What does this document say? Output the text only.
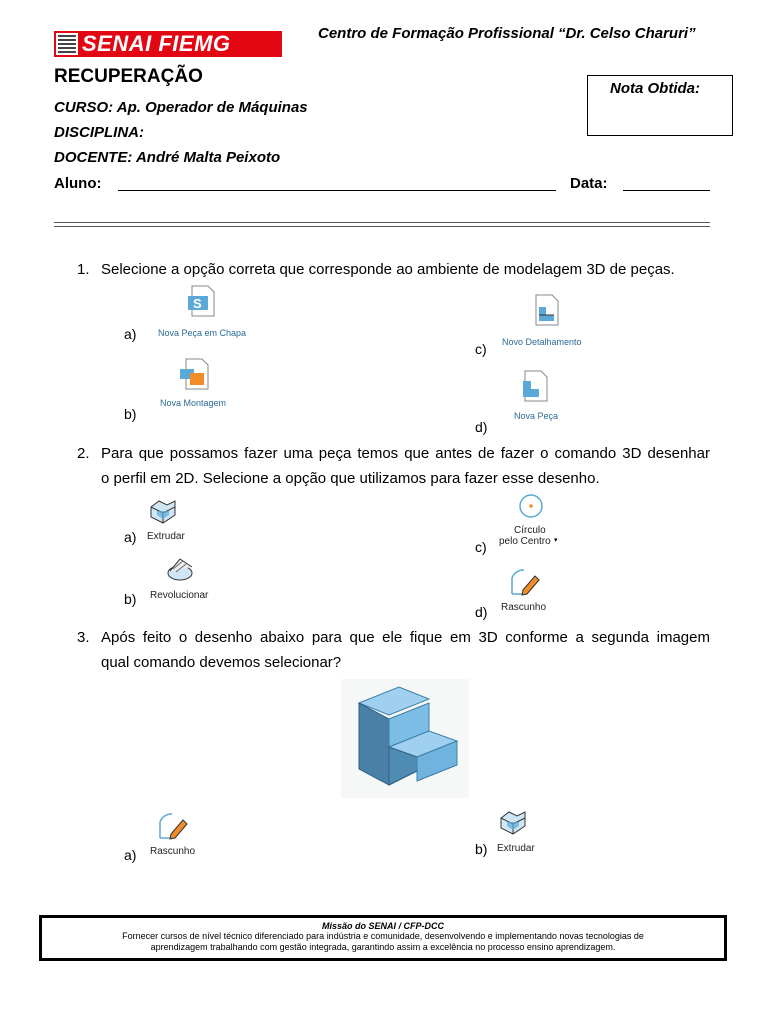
SENAI FIEMG	Centro de Formação Profissional “Dr. Celso Charuri”
RECUPERAÇÃO
CURSO: Ap. Operador de Máquinas
DISCIPLINA:
DOCENTE: André Malta Peixoto
Nota Obtida:
Aluno:	Data:
1. Selecione a opção correta que corresponde ao ambiente de modelagem 3D de peças.
a)
S
Nova Peça em Chapa
b)
Nova Montagem
c) Novo Detalhamento
d)
Nova Peça
2. Para que possamos fazer uma peça temos que antes de fazer o comando 3D desenhar
o perfil em 2D. Selecione a opção que utilizamos para fazer esse desenho.
a) Extrudar
b) Revolucionar
c)
Círculo
pelo Centro ▾
d) Rascunho
3. Após feito o desenho abaixo para que ele fique em 3D conforme a segunda imagem
qual comando devemos selecionar?
a) Rascunho	b) Extrudar
Missão do SENAI / CFP-DCC
Fornecer cursos de nível técnico diferenciado para indústria e comunidade, desenvolvendo e implementando novas tecnologias de
aprendizagem trabalhando com gestão integrada, garantindo assim a excelência no processo ensino aprendizagem.
